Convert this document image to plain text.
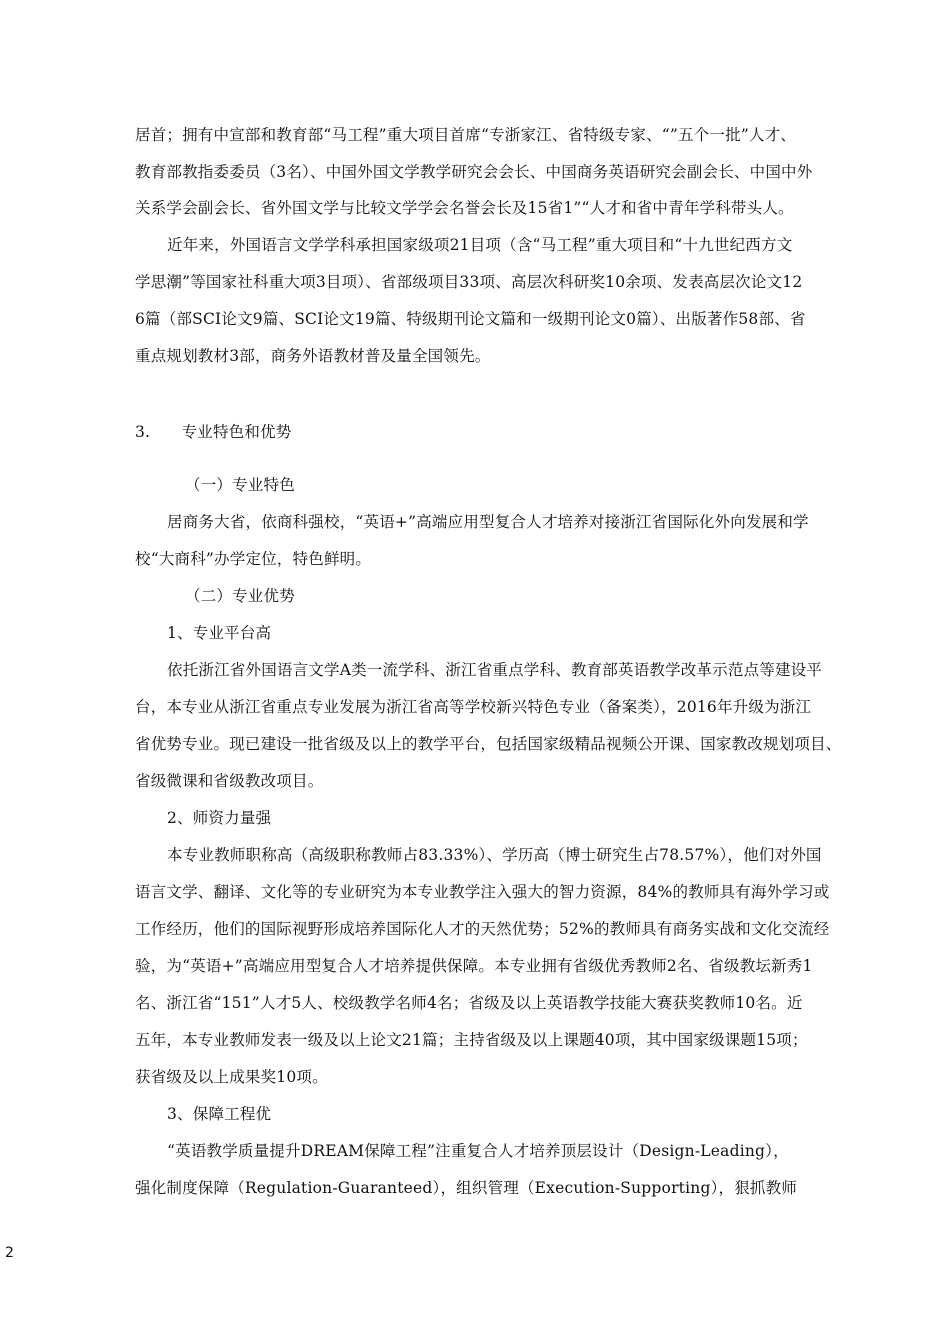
居首；拥有中宣部和教育部“马工程”重大项目首席“专浙家江、省特级专家、“”五个一批”人才、
教育部教指委委员（3名）、中国外国文学教学研究会会长、中国商务英语研究会副会长、中国中外
关系学会副会长、省外国文学与比较文学学会名誉会长及15省1”“人才和省中青年学科带头人。
近年来，外国语言文学学科承担国家级项21目项（含“马工程”重大项目和“十九世纪西方文
学思潮”等国家社科重大项3目项）、省部级项目33项、高层次科研奖10余项、发表高层次论文12
6篇（部SCI论文9篇、SCI论文19篇、特级期刊论文篇和一级期刊论文0篇）、出版著作58部、省
重点规划教材3部，商务外语教材普及量全国领先。
3.　　专业特色和优势
（一）专业特色
居商务大省，依商科强校，“英语+”高端应用型复合人才培养对接浙江省国际化外向发展和学
校“大商科”办学定位，特色鲜明。
（二）专业优势
1、专业平台高
依托浙江省外国语言文学A类一流学科、浙江省重点学科、教育部英语教学改革示范点等建设平
台，本专业从浙江省重点专业发展为浙江省高等学校新兴特色专业（备案类），2016年升级为浙江
省优势专业。现已建设一批省级及以上的教学平台，包括国家级精品视频公开课、国家教改规划项目、
省级微课和省级教改项目。
2、师资力量强
本专业教师职称高（高级职称教师占83.33%）、学历高（博士研究生占78.57%），他们对外国
语言文学、翻译、文化等的专业研究为本专业教学注入强大的智力资源，84%的教师具有海外学习或
工作经历，他们的国际视野形成培养国际化人才的天然优势；52%的教师具有商务实战和文化交流经
验，为“英语+”高端应用型复合人才培养提供保障。本专业拥有省级优秀教师2名、省级教坛新秀1
名、浙江省“151”人才5人、校级教学名师4名；省级及以上英语教学技能大赛获奖教师10名。近
五年，本专业教师发表一级及以上论文21篇；主持省级及以上课题40项，其中国家级课题15项；
获省级及以上成果奖10项。
3、保障工程优
“英语教学质量提升DREAM保障工程”注重复合人才培养顶层设计（Design-Leading），
强化制度保障（Regulation-Guaranteed），组织管理（Execution-Supporting），狠抓教师
2
